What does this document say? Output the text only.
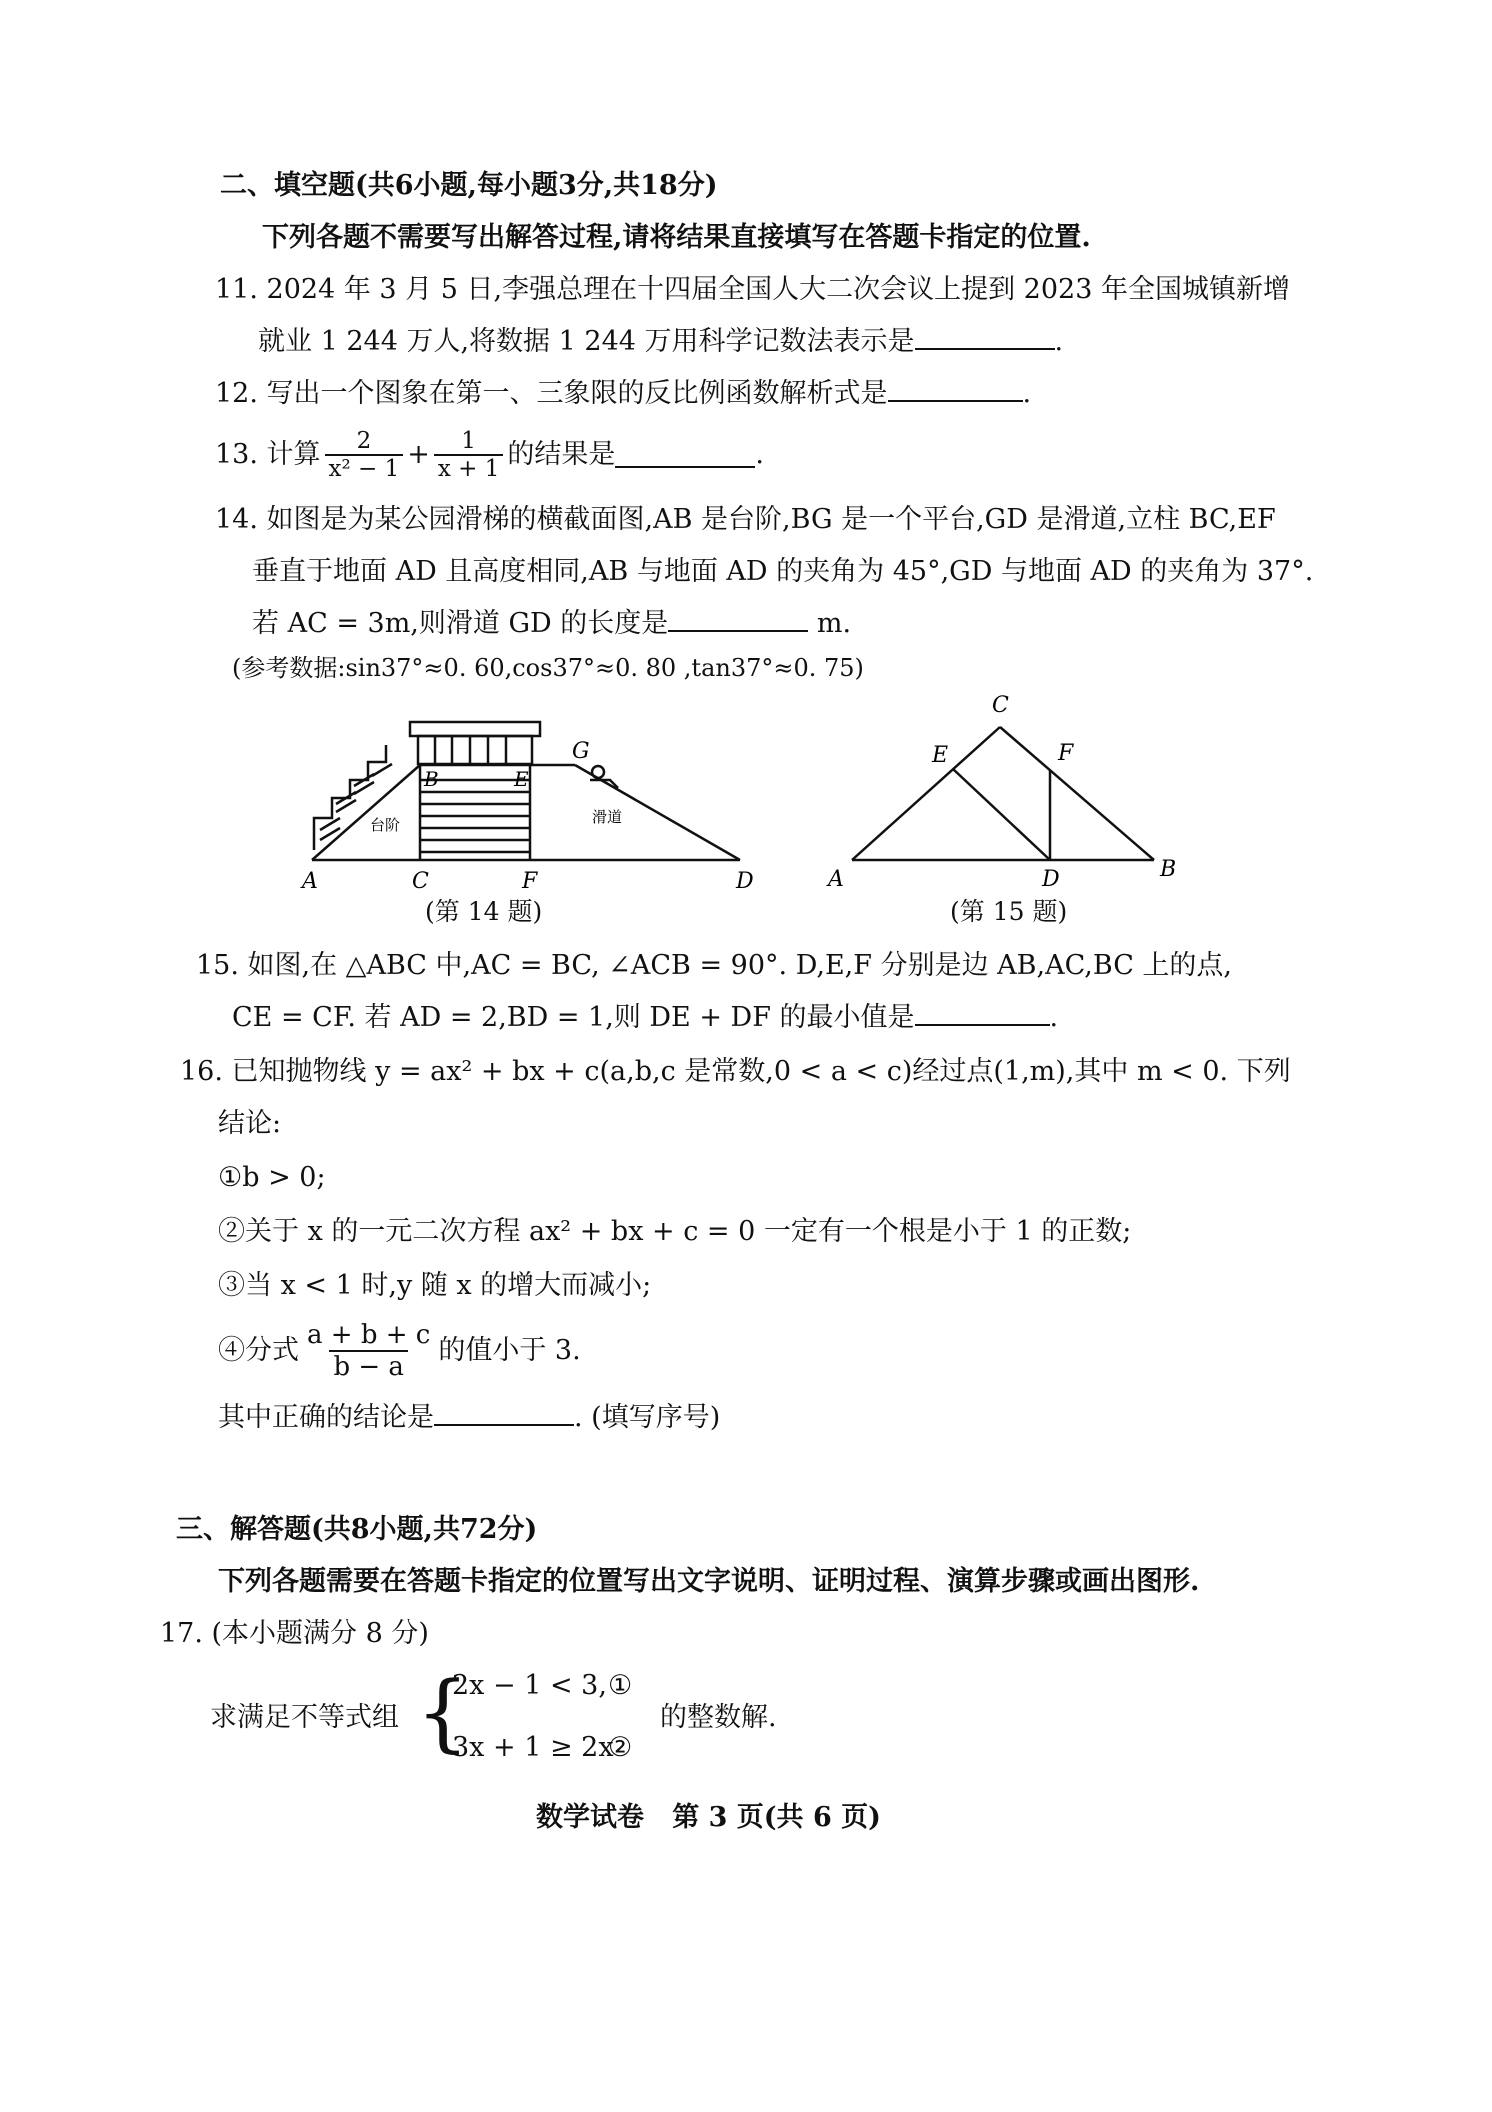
二、填空题(共6小题,每小题3分,共18分)
下列各题不需要写出解答过程,请将结果直接填写在答题卡指定的位置.
11. 2024 年 3 月 5 日,李强总理在十四届全国人大二次会议上提到 2023 年全国城镇新增
就业 1 244 万人,将数据 1 244 万用科学记数法表示是	.
12. 写出一个图象在第一、三象限的反比例函数解析式是	.
13. 计算 $\frac{2}{\text{x² − 1}} + \frac{1}{x + 1}$ 的结果是	.
14. 如图是为某公园滑梯的横截面图,AB 是台阶,BG 是一个平台,GD 是滑道,立柱 BC,EF
垂直于地面 AD 且高度相同,AB 与地面 AD 的夹角为 45°,GD 与地面 AD 的夹角为 37°.
若 AC = 3m,则滑道 GD 的长度是	m.
(参考数据:sin37°≈0. 60,cos37°≈0. 80 ,tan37°≈0. 75)
A	C	F	D
B	E
G
台阶	滑道
(第 14 题)
C
E	F
A	D	B
(第 15 题)
15. 如图,在 △ABC 中,AC = BC, ∠ACB = 90°. D,E,F 分别是边 AB,AC,BC 上的点,
CE = CF. 若 AD = 2,BD = 1,则 DE + DF 的最小值是	.
16. 已知抛物线 y = ax² + bx + c(a,b,c 是常数,0 < a < c)经过点(1,m),其中 m < 0. 下列
结论:
①b > 0;
②关于 x 的一元二次方程 ax² + bx + c = 0 一定有一个根是小于 1 的正数;
③当 x < 1 时,y 随 x 的增大而减小;
④分式 $\frac{a + b + c}{b - a}$ 的值小于 3.
其中正确的结论是	. (填写序号)
三、解答题(共8小题,共72分)
下列各题需要在答题卡指定的位置写出文字说明、证明过程、演算步骤或画出图形.
17. (本小题满分 8 分)
求满足不等式组 {
2x − 1 < 3, ①
3x + 1 ≥ 2x
②
的整数解.
数学试卷   第 3 页(共 6 页)
